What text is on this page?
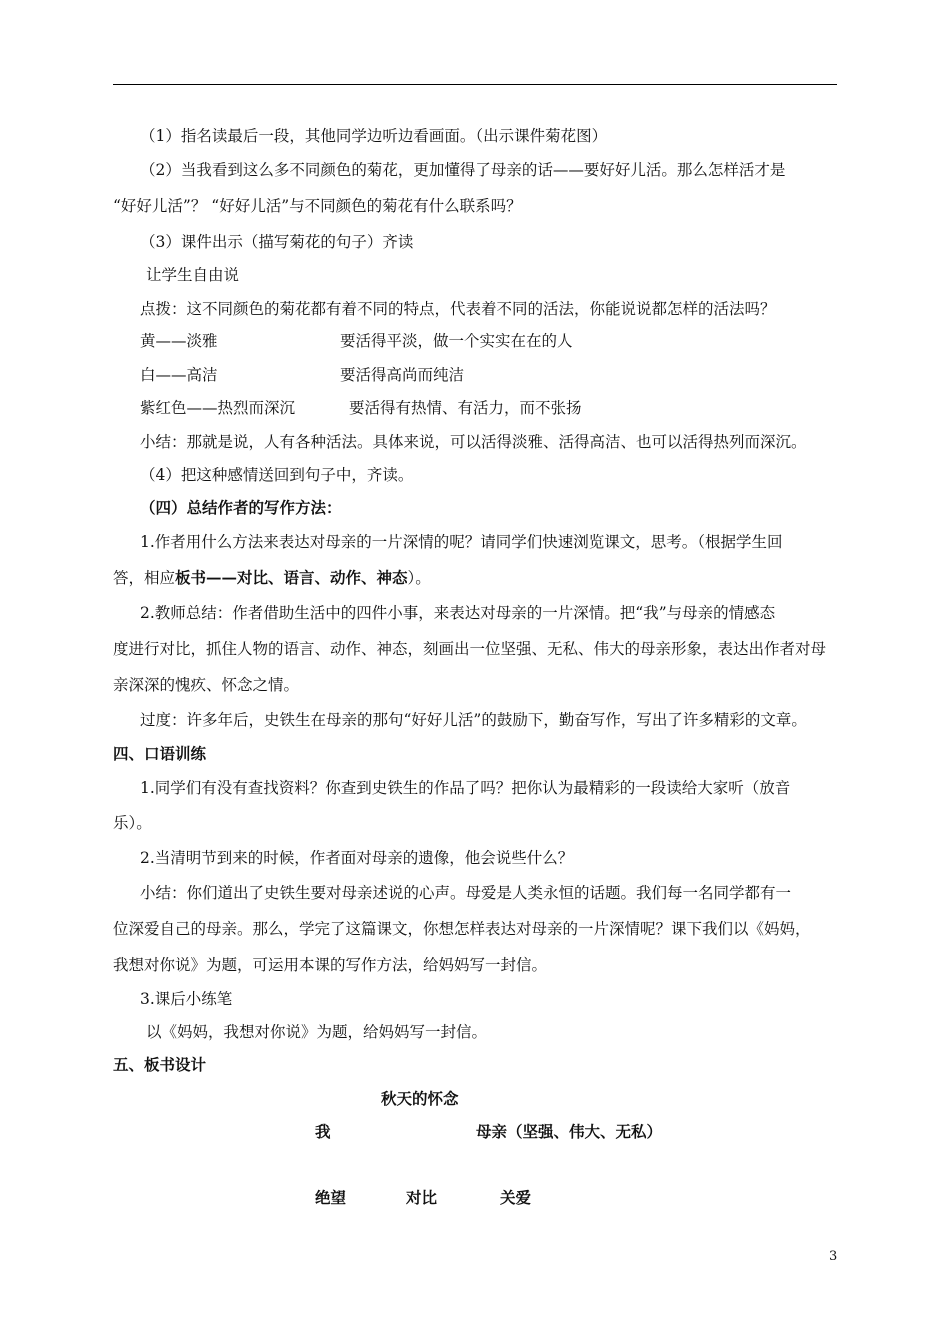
（1）指名读最后一段，其他同学边听边看画面。（出示课件菊花图）
（2）当我看到这么多不同颜色的菊花，更加懂得了母亲的话——要好好儿活。那么怎样活才是
“好好儿活”？ “好好儿活”与不同颜色的菊花有什么联系吗？
（3）课件出示（描写菊花的句子）齐读
让学生自由说
点拨：这不同颜色的菊花都有着不同的特点，代表着不同的活法，你能说说都怎样的活法吗？
黄——淡雅	要活得平淡，做一个实实在在的人
白——高洁	要活得高尚而纯洁
紫红色——热烈而深沉	要活得有热情、有活力，而不张扬
小结：那就是说，人有各种活法。具体来说，可以活得淡雅、活得高洁、也可以活得热列而深沉。
（4）把这种感情送回到句子中，齐读。
（四）总结作者的写作方法：
1.作者用什么方法来表达对母亲的一片深情的呢？请同学们快速浏览课文，思考。（根据学生回
答，相应板书——对比、语言、动作、神态）。
2.教师总结：作者借助生活中的四件小事，来表达对母亲的一片深情。把“我”与母亲的情感态
度进行对比，抓住人物的语言、动作、神态，刻画出一位坚强、无私、伟大的母亲形象，表达出作者对母
亲深深的愧疚、怀念之情。
过度：许多年后，史铁生在母亲的那句“好好儿活”的鼓励下，勤奋写作，写出了许多精彩的文章。
四、口语训练
1.同学们有没有查找资料？你查到史铁生的作品了吗？把你认为最精彩的一段读给大家听（放音
乐）。
2.当清明节到来的时候，作者面对母亲的遗像，他会说些什么？
小结：你们道出了史铁生要对母亲述说的心声。母爱是人类永恒的话题。我们每一名同学都有一
位深爱自己的母亲。那么，学完了这篇课文，你想怎样表达对母亲的一片深情呢？课下我们以《妈妈，
我想对你说》为题，可运用本课的写作方法，给妈妈写一封信。
3.课后小练笔
以《妈妈，我想对你说》为题，给妈妈写一封信。
五、板书设计
秋天的怀念
我	母亲（坚强、伟大、无私）
绝望	对比	关爱
3
